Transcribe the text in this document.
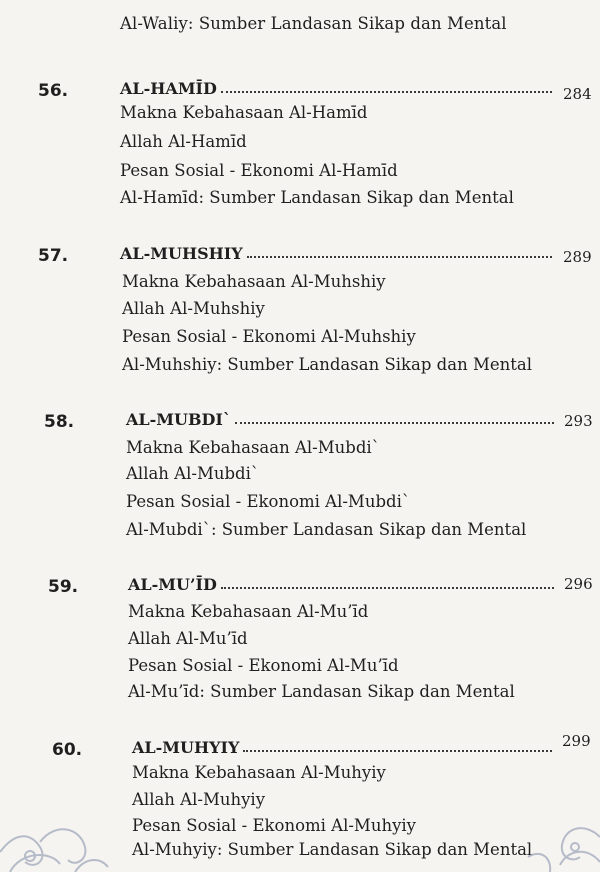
Al-Waliy: Sumber Landasan Sikap dan Mental
56.	AL-HAMĪD	284
Makna Kebahasaan Al-Hamīd
Allah Al-Hamīd
Pesan Sosial - Ekonomi Al-Hamīd
Al-Hamīd: Sumber Landasan Sikap dan Mental
57.	AL-MUHSHIY	289
Makna Kebahasaan Al-Muhshiy
Allah Al-Muhshiy
Pesan Sosial - Ekonomi Al-Muhshiy
Al-Muhshiy: Sumber Landasan Sikap dan Mental
58.	AL-MUBDI`	293
Makna Kebahasaan Al-Mubdi`
Allah Al-Mubdi`
Pesan Sosial - Ekonomi Al-Mubdi`
Al-Mubdi`: Sumber Landasan Sikap dan Mental
59.	AL-MU’ĪD	296
Makna Kebahasaan Al-Mu’īd
Allah Al-Mu’īd
Pesan Sosial - Ekonomi Al-Mu’īd
Al-Mu’īd: Sumber Landasan Sikap dan Mental
60.	AL-MUHYIY	299
Makna Kebahasaan Al-Muhyiy
Allah Al-Muhyiy
Pesan Sosial - Ekonomi Al-Muhyiy
Al-Muhyiy: Sumber Landasan Sikap dan Mental
